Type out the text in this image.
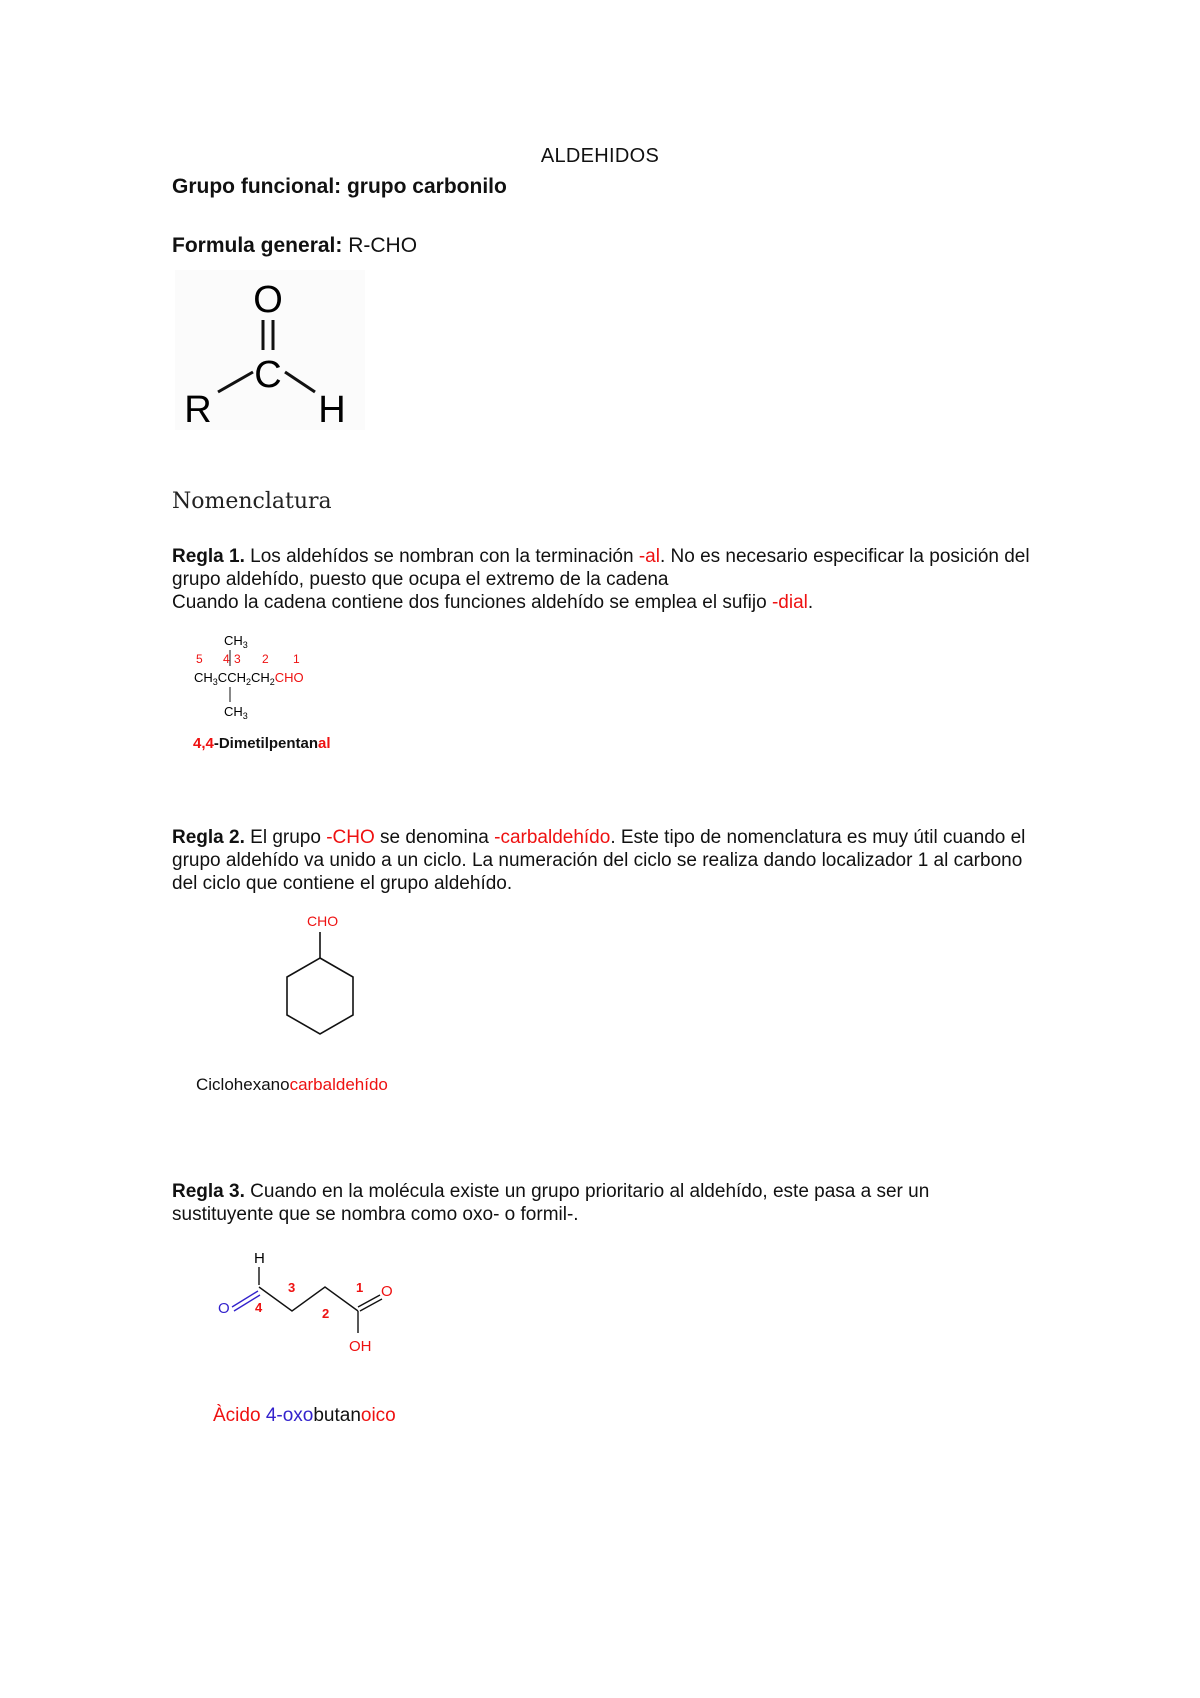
ALDEHIDOS
Grupo funcional: grupo carbonilo
Formula general: R-CHO
O
C
R	H
Nomenclatura
Regla 1. Los aldehídos se nombran con la terminación -al. No es necesario especificar la posición del grupo aldehído, puesto que ocupa el extremo de la cadena
Cuando la cadena contiene dos funciones aldehído se emplea el sufijo -dial.
$CH_3$
5 4 3 2 1
$CH_3CCH_2CH_2CHO$
$CH_3$
4,4-Dimetilpentanal
Regla 2. El grupo -CHO se denomina -carbaldehído. Este tipo de nomenclatura es muy útil cuando el grupo aldehído va unido a un ciclo. La numeración del ciclo se realiza dando localizador 1 al carbono del ciclo que contiene el grupo aldehído.
CHO
Ciclohexanocarbaldehído
Regla 3. Cuando en la molécula existe un grupo prioritario al aldehído, este pasa a ser un sustituyente que se nombra como oxo- o formil-.
H
O 4
3
2
1 O
OH
Àcido 4-oxobutanoico
